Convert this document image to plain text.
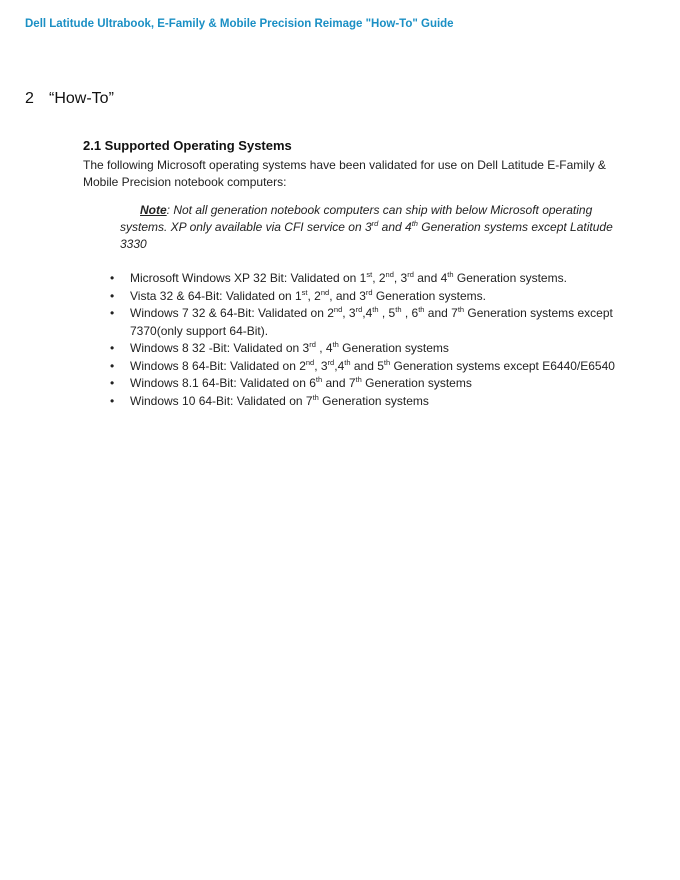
Dell Latitude Ultrabook, E-Family & Mobile Precision Reimage "How-To" Guide
2 “How-To”
2.1 Supported Operating Systems
The following Microsoft operating systems have been validated for use on Dell Latitude E-Family & Mobile Precision notebook computers:
Note: Not all generation notebook computers can ship with below Microsoft operating systems. XP only available via CFI service on 3rd and 4th Generation systems except Latitude 3330
• Microsoft Windows XP 32 Bit: Validated on 1st, 2nd, 3rd and 4th Generation systems.
• Vista 32 & 64-Bit: Validated on 1st, 2nd, and 3rd Generation systems.
• Windows 7 32 & 64-Bit: Validated on 2nd, 3rd,4th , 5th , 6th and 7th Generation systems except 7370(only support 64-Bit).
• Windows 8 32 -Bit: Validated on 3rd , 4th Generation systems
• Windows 8 64-Bit: Validated on 2nd, 3rd,4th and 5th Generation systems except E6440/E6540
• Windows 8.1 64-Bit: Validated on 6th and 7th Generation systems
• Windows 10 64-Bit: Validated on 7th Generation systems
